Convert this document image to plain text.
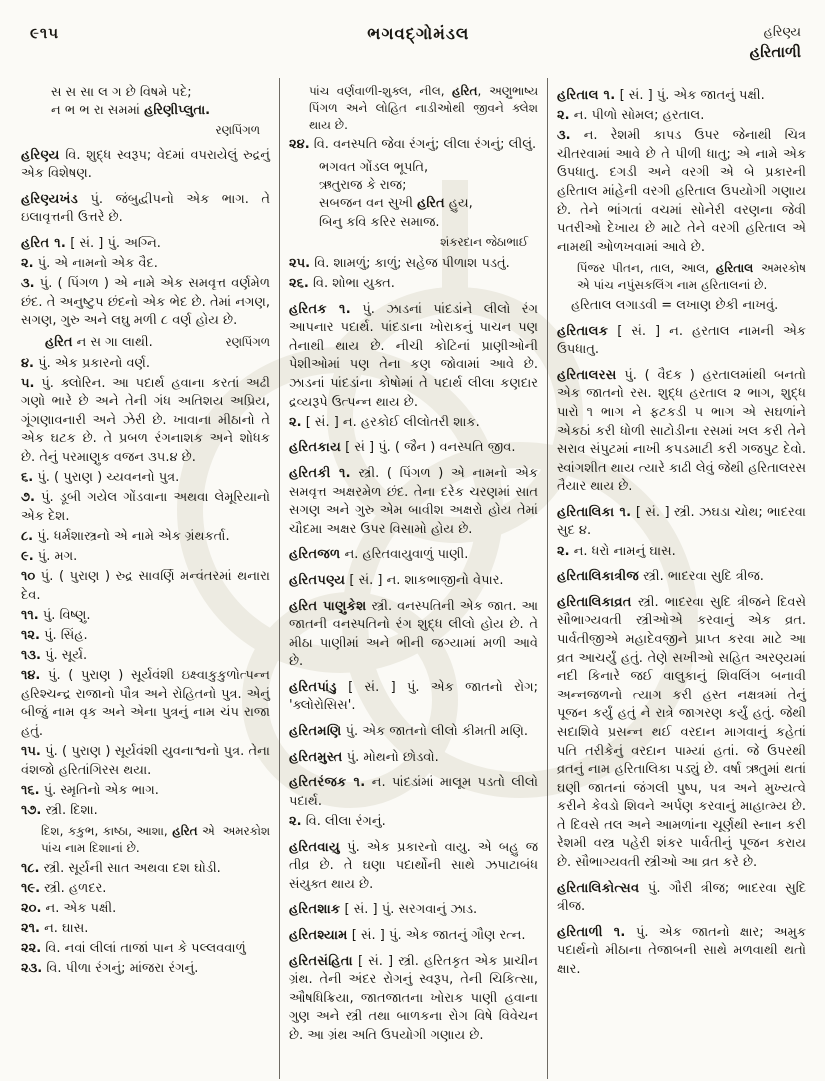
૯૧૫	ભગવદ્ગોમંડલ	હરિણ્ય
હરિતાળી
સ સ સા લ ગ છે વિષમે પદે;
ન ભ ભ રા સમમાં હરિણીપ્લુતા.
રણપિંગળ
હરિણ્ય વિ. શુદ્ધ સ્વરૂપ; વેદમાં વપરાયેલું રુદ્રનું એક વિશેષણ.
હરિણ્યખંડ પું. જંબુદ્વીપનો એક ભાગ. તે ઇલાવૃત્તની ઉત્તરે છે.
હરિત ૧. [ સં. ] પું. અગ્નિ.
૨. પું. એ નામનો એક વૈદ.
૩. પું. ( પિંગળ ) એ નામે એક સમવૃત્ત વર્ણમેળ છંદ. તે અનુષ્ટુપ છંદનો એક ભેદ છે. તેમાં નગણ, સગણ, ગુરુ અને લઘુ મળી ૮ વર્ણ હોય છે.
હરિત ન સ ગા લાથી.	રણપિંગળ
૪. પું. એક પ્રકારનો વર્ણ.
૫. પું. ક્લોરિન. આ પદાર્થ હવાના કરતાં અઢી ગણો ભારે છે અને તેની ગંધ અતિશય અપ્રિય, ગૂંગણાવનારી અને ઝેરી છે. ખાવાના મીઠાનો તે એક ઘટક છે. તે પ્રબળ રંગનાશક અને શોધક છે. તેનું પરમાણુક વજન ૩૫.૪ છે.
૬. પું. ( પુરાણ ) ચ્યવનનો પુત્ર.
૭. પું. ડૂબી ગયેલ ગોંડવાના અથવા લેમૂરિયાનો એક દેશ.
૮. પું. ધર્મશાસ્ત્રનો એ નામે એક ગ્રંથકર્તા.
૯. પું. મગ.
૧૦ પું. ( પુરાણ ) રુદ્ર સાવર્ણિ મન્વંતરમાં થનારા દેવ.
૧૧. પું. વિષ્ણુ.
૧૨. પું. સિંહ.
૧૩. પું. સૂર્ય.
૧૪. પું. ( પુરાણ ) સૂર્યવંશી ઇક્ષ્વાકુકુળોત્પન્ન હરિશ્ચન્દ્ર રાજાનો પૌત્ર અને રોહિતનો પુત્ર. એનું બીજું નામ વૃક અને એના પુત્રનું નામ ચંપ રાજા હતું.
૧૫. પું. ( પુરાણ ) સૂર્યવંશી યુવનાશ્વનો પુત્ર. તેના વંશજો હરિતાંગિરસ થયા.
૧૬. પું. સ્મૃતિનો એક ભાગ.
૧૭. સ્ત્રી. દિશા.
અમરકોશ
દિશ, કકુભ, કાષ્ઠા, આશા, હરિત એ પાંચ નામ દિશાનાં છે.
૧૮. સ્ત્રી. સૂર્યની સાત અથવા દશ ઘોડી.
૧૯. સ્ત્રી. હળદર.
૨૦. ન. એક પક્ષી.
૨૧. ન. ઘાસ.
૨૨. વિ. નવાં લીલાં તાજાં પાન કે પલ્લવવાળું
૨૩. વિ. પીળા રંગનું; માંજરા રંગનું.
અણુભાષ્ય
પાંચ વર્ણવાળી-શુક્લ, નીલ, હરિત, પિંગળ અને લોહિત નાડીઓથી જીવને ક્લેશ થાય છે.
૨૪. વિ. વનસ્પતિ જેવા રંગનું; લીલા રંગનું; લીલું.
ભગવત ગોંડલ ભૂપતિ,
ઋતુરાજ કે રાજ;
સબજન વન સુખી હરિત હુય,
બિનુ કવિ કરિર સમાજ.
શંકરદાન જેઠાભાઈ
૨૫. વિ. શામળું; કાળું; સહેજ પીળાશ પડતું.
૨૬. વિ. શોભા યુક્ત.
હરિતક ૧. પું. ઝાડનાં પાંદડાંને લીલો રંગ આપનાર પદાર્થ. પાંદડાના ખોરાકનું પાચન પણ તેનાથી થાય છે. નીચી કોટિનાં પ્રાણીઓની પેશીઓમાં પણ તેના કણ જોવામાં આવે છે. ઝાડનાં પાંદડાંના કોષોમાં તે પદાર્થ લીલા કણદાર દ્રવ્યરૂપે ઉત્પન્ન થાય છે.
૨. [ સં. ] ન. હરકોઈ લીલોતરી શાક.
હરિતકાય [ સં ] પું. ( જૈન ) વનસ્પતિ જીવ.
હરિતકી ૧. સ્ત્રી. ( પિંગળ ) એ નામનો એક સમવૃત્ત અક્ષરમેળ છંદ. તેના દરેક ચરણમાં સાત સગણ અને ગુરુ એમ બાવીશ અક્ષરો હોય તેમાં ચૌદમા અક્ષર ઉપર વિસામો હોય છે.
હરિતજળ ન. હરિતવાયુવાળું પાણી.
હરિતપણ્ય [ સં. ] ન. શાકભાજીનો વેપાર.
હરિત પાણુકેશ સ્ત્રી. વનસ્પતિની એક જાત. આ જાતની વનસ્પતિનો રંગ શુદ્ધ લીલો હોય છે. તે મીઠા પાણીમાં અને ભીની જગ્યામાં મળી આવે છે.
હરિતપાંડુ [ સં. ] પું. એક જાતનો રોગ; 'ક્લોરોસિસ'.
હરિતમણિ પું. એક જાતનો લીલો કીમતી મણિ.
હરિતમુસ્ત પું. મોથનો છોડવો.
હરિતરંજક ૧. ન. પાંદડાંમાં માલૂમ પડતો લીલો પદાર્થ.
૨. વિ. લીલા રંગનું.
હરિતવાયુ પું. એક પ્રકારનો વાયુ. એ બહુ જ તીવ્ર છે. તે ઘણા પદાર્થોની સાથે ઝપાટાબંધ સંયુક્ત થાય છે.
હરિતશાક [ સં. ] પું. સરગવાનું ઝાડ.
હરિતશ્યામ [ સં. ] પું. એક જાતનું ગૌણ રત્ન.
હરિતસંહિતા [ સં. ] સ્ત્રી. હરિતકૃત એક પ્રાચીન ગ્રંથ. તેની અંદર રોગનું સ્વરૂપ, તેની ચિકિત્સા, ઔષધિક્રિયા, જાતજાતના ખોરાક પાણી હવાના ગુણ અને સ્ત્રી તથા બાળકના રોગ વિષે વિવેચન છે. આ ગ્રંથ અતિ ઉપયોગી ગણાય છે.
હરિતાલ ૧. [ સં. ] પું. એક જાતનું પક્ષી.
૨. ન. પીળો સોમલ; હરતાલ.
૩. ન. રેશમી કાપડ ઉપર જેનાથી ચિત્ર ચીતરવામાં આવે છે તે પીળી ધાતુ; એ નામે એક ઉપધાતુ. દગડી અને વરગી એ બે પ્રકારની હરિતાલ માંહેની વરગી હરિતાલ ઉપયોગી ગણાય છે. તેને ભાંગતાં વચમાં સોનેરી વરણના જેવી પતરીઓ દેખાય છે માટે તેને વરગી હરિતાલ એ નામથી ઓળખવામાં આવે છે.
અમરકોષ
પિંજર પીતન, તાલ, આલ, હરિતાલ એ પાંચ નપુંસકલિંગ નામ હરિતાલનાં છે.
હરિતાલ લગાડવી = લખાણ છેકી નાખવું.
હરિતાલક [ સં. ] ન. હરતાલ નામની એક ઉપધાતુ.
હરિતાલરસ પું. ( વૈદક ) હરતાલમાંથી બનતો એક જાતનો રસ. શુદ્ધ હરતાલ ૨ ભાગ, શુદ્ધ પારો ૧ ભાગ ને ફટકડી ૫ ભાગ એ સઘળાંને એકઠાં કરી ધોળી સાટોડીના રસમાં ખલ કરી તેને સરાવ સંપુટમાં નાખી કપડમાટી કરી ગજપુટ દેવો. સ્વાંગશીત થાય ત્યારે કાઢી લેવું જેથી હરિતાલરસ તૈયાર થાય છે.
હરિતાલિકા ૧. [ સં. ] સ્ત્રી. ઝઘડા ચોથ; ભાદરવા સુદ ૪.
૨. ન. ધરો નામનું ઘાસ.
હરિતાલિકાત્રીજ સ્ત્રી. ભાદરવા સુદિ ત્રીજ.
હરિતાલિકાવ્રત સ્ત્રી. ભાદરવા સુદિ ત્રીજને દિવસે સૌભાગ્યવતી સ્ત્રીઓએ કરવાનું એક વ્રત. પાર્વતીજીએ મહાદેવજીને પ્રાપ્ત કરવા માટે આ વ્રત આચર્યું હતું. તેણે સખીઓ સહિત અરણ્યમાં નદી કિનારે જઈ વાલુકાનું શિવલિંગ બનાવી અન્નજળનો ત્યાગ કરી હસ્ત નક્ષત્રમાં તેનું પૂજન કર્યું હતું ને રાત્રે જાગરણ કર્યું હતું. જેથી સદાશિવે પ્રસન્ન થઈ વરદાન માગવાનું કહેતાં પતિ તરીકેનું વરદાન પામ્યાં હતાં. જે ઉપરથી વ્રતનું નામ હરિતાલિકા પડ્યું છે. વર્ષા ઋતુમાં થતાં ઘણી જાતનાં જંગલી પુષ્પ, પત્ર અને મુખ્યત્વે કરીને કેવડો શિવને અર્પણ કરવાનું માહાત્મ્ય છે. તે દિવસે તલ અને આમળાંના ચૂર્ણથી સ્નાન કરી રેશમી વસ્ત્ર પહેરી શંકર પાર્વતીનું પૂજન કરાય છે. સૌભાગ્યવતી સ્ત્રીઓ આ વ્રત કરે છે.
હરિતાલિકોત્સવ પું. ગૌરી ત્રીજ; ભાદરવા સુદિ ત્રીજ.
હરિતાળી ૧. પું. એક જાતનો ક્ષાર; અમુક પદાર્થનો મીઠાના તેજાબની સાથે મળવાથી થતો ક્ષાર.
